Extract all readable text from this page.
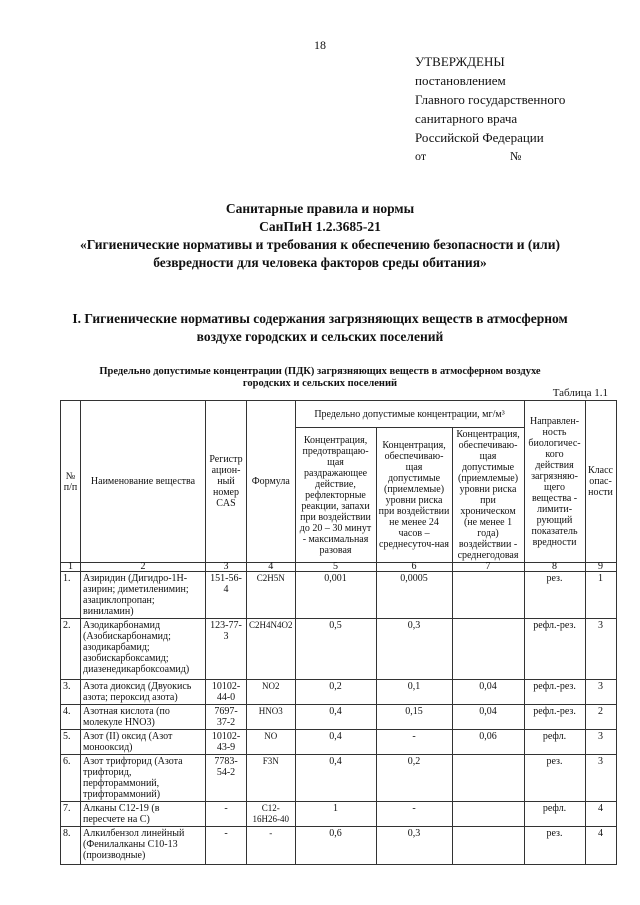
18
УТВЕРЖДЕНЫ
постановлением
Главного государственного
санитарного врача
Российской Федерации
от	№
Санитарные правила и нормы
СанПиН 1.2.3685-21
«Гигиенические нормативы и требования к обеспечению безопасности и (или)
безвредности для человека факторов среды обитания»
I. Гигиенические нормативы содержания загрязняющих веществ в атмосферном
воздухе городских и сельских поселений
Предельно допустимые концентрации (ПДК) загрязняющих веществ в атмосферном воздухе
городских и сельских поселений
Таблица 1.1
№ п/п	Наименование вещества	Регистр ацион-ный номер CAS	Формула	Предельно допустимые концентрации, мг/м³			Направлен-ность биологичес-кого действия загрязняю-щего вещества - лимити-рующий показатель вредности	Класс опас-ности
				Концентрация, предотвращаю-щая раздражающее действие, рефлекторные реакции, запахи при воздействии до 20 – 30 минут - максимальная разовая	Концентрация, обеспечиваю-щая допустимые (приемлемые) уровни риска при воздействии не менее 24 часов – среднесуточ-ная	Концентрация, обеспечиваю-щая допустимые (приемлемые) уровни риска при хроническом (не менее 1 года) воздействии - среднегодовая		
1	2	3	4	5	6	7	8	9
1.	Азиридин (Дигидро-1Н-азирин; диметиленимин; азациклопропан; виниламин)	151-56-4	C2H5N	0,001	0,0005		рез.	1
2.	Азодикарбонамид (Азобискарбонамид; азодикарбамид; азобискарбоксамид; диазенедикарбоксоамид)	123-77-3	C2H4N4O2	0,5	0,3		рефл.-рез.	3
3.	Азота диоксид (Двуокись азота; пероксид азота)	10102-44-0	NO2	0,2	0,1	0,04	рефл.-рез.	3
4.	Азотная кислота (по молекуле HNO3)	7697-37-2	HNO3	0,4	0,15	0,04	рефл.-рез.	2
5.	Азот (II) оксид (Азот монооксид)	10102-43-9	NO	0,4	-	0,06	рефл.	3
6.	Азот трифторид (Азота трифторид, перфтораммоний, трифтораммоний)	7783-54-2	F3N	0,4	0,2		рез.	3
7.	Алканы С12-19 (в пересчете на С)	-	C12-16H26-40	1	-		рефл.	4
8.	Алкилбензол линейный (Фенилалканы С10-13 (производные)	-	-	0,6	0,3		рез.	4
